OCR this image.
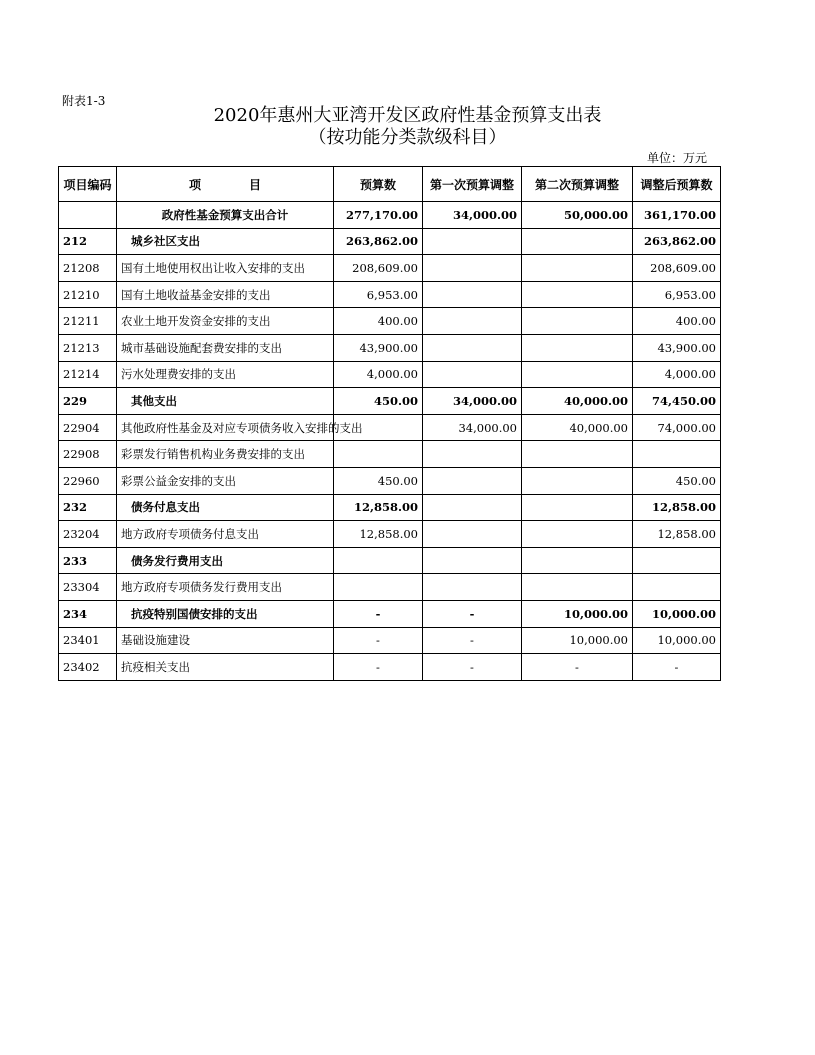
附表1-3
2020年惠州大亚湾开发区政府性基金预算支出表
（按功能分类款级科目）
单位：万元
项目编码	项　　　　目	预算数	第一次预算调整	第二次预算调整	调整后预算数
	政府性基金预算支出合计	277,170.00	34,000.00	50,000.00	361,170.00
212	城乡社区支出	263,862.00			263,862.00
21208	国有土地使用权出让收入安排的支出	208,609.00			208,609.00
21210	国有土地收益基金安排的支出	6,953.00			6,953.00
21211	农业土地开发资金安排的支出	400.00			400.00
21213	城市基础设施配套费安排的支出	43,900.00			43,900.00
21214	污水处理费安排的支出	4,000.00			4,000.00
229	其他支出	450.00	34,000.00	40,000.00	74,450.00
22904	其他政府性基金及对应专项债务收入安排的支出		34,000.00	40,000.00	74,000.00
22908	彩票发行销售机构业务费安排的支出				
22960	彩票公益金安排的支出	450.00			450.00
232	债务付息支出	12,858.00			12,858.00
23204	地方政府专项债务付息支出	12,858.00			12,858.00
233	债务发行费用支出				
23304	地方政府专项债务发行费用支出				
234	抗疫特别国债安排的支出	-	-	10,000.00	10,000.00
23401	基础设施建设	-	-	10,000.00	10,000.00
23402	抗疫相关支出	-	-	-	-
